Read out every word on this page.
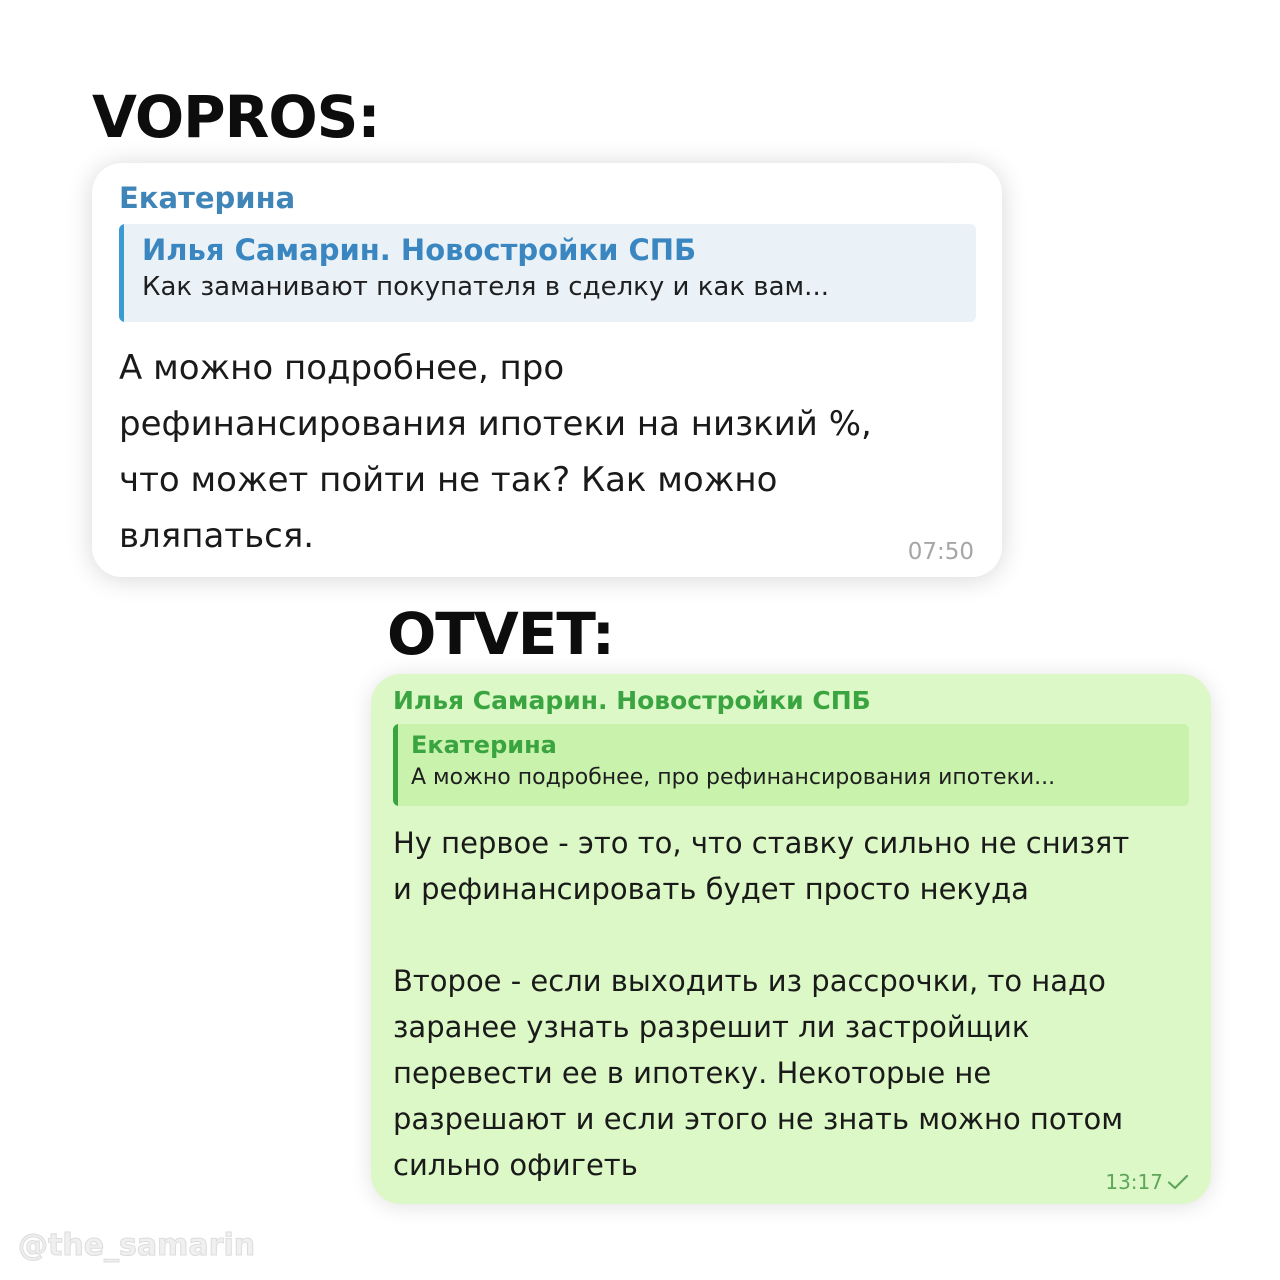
VOPROS:
Екатерина
Илья Самарин. Новостройки СПБ
Как заманивают покупателя в сделку и как вам...
А можно подробнее, про
рефинансирования ипотеки на низкий %,
что может пойти не так? Как можно
вляпаться.	07:50
OTVET:
Илья Самарин. Новостройки СПБ
Екатерина
А можно подробнее, про рефинансирования ипотеки...
Ну первое - это то, что ставку сильно не снизят
и рефинансировать будет просто некуда

Второе - если выходить из рассрочки, то надо
заранее узнать разрешит ли застройщик
перевести ее в ипотеку. Некоторые не
разрешают и если этого не знать можно потом
сильно офигеть	13:17
@the_samarin
